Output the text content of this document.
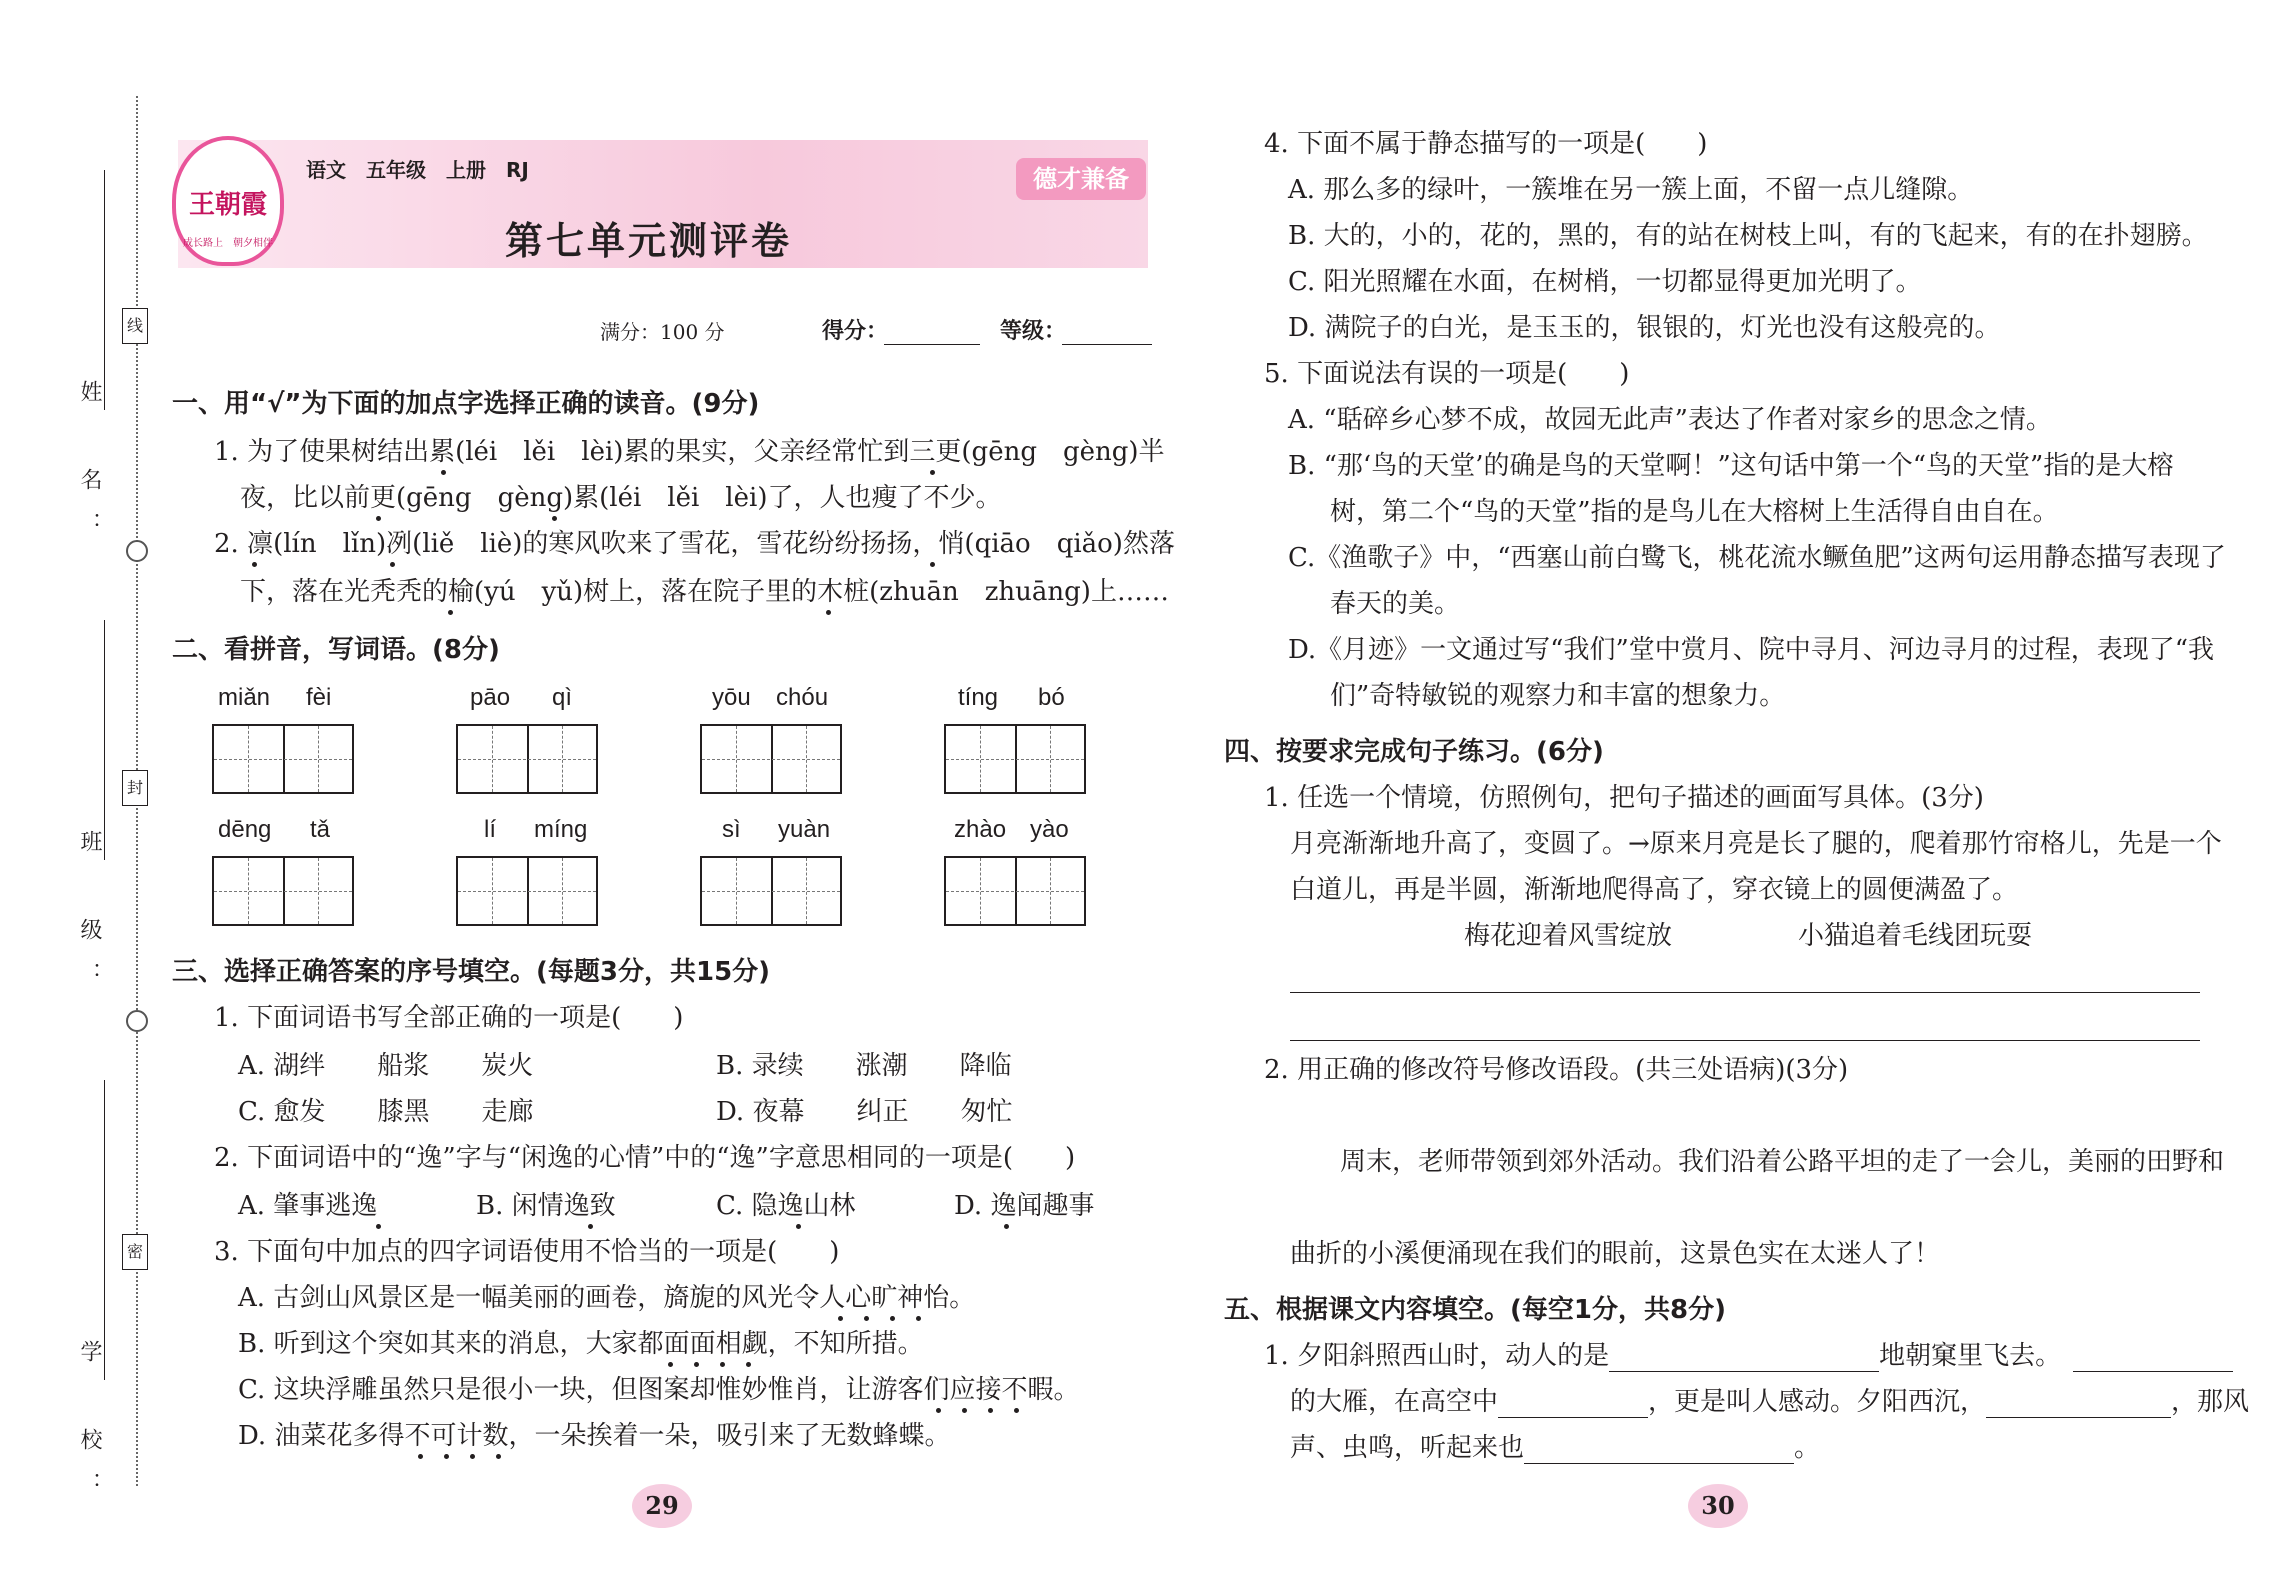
姓　名：
班　级：
学　校：
线
封
密
王朝霞
成长路上　朝夕相伴
语文　五年级　上册　RJ
第七单元测评卷
德才兼备
满分：100 分	得分：	等级：
一、用“√”为下面的加点字选择正确的读音。(9分)
1. 为了使果树结出累(léi　lěi　lèi)累的果实，父亲经常忙到三更(gēng　gèng)半
夜，比以前更(gēng　gèng)累(léi　lěi　lèi)了，人也瘦了不少。
2. 凛(lín　lǐn)冽(liě　liè)的寒风吹来了雪花，雪花纷纷扬扬，悄(qiāo　qiǎo)然落
下，落在光秃秃的榆(yú　yǔ)树上，落在院子里的木桩(zhuān　zhuāng)上……
二、看拼音，写词语。(8分)
miǎn fèi	pāo qì	yōu chóu	tíng bó
dēng tǎ	lí míng	sì yuàn	zhào yào
三、选择正确答案的序号填空。(每题3分，共15分)
1. 下面词语书写全部正确的一项是(　　)
A. 湖绊　　船浆　　炭火	B. 录续　　涨潮　　降临
C. 愈发　　膝黑　　走廊	D. 夜幕　　纠正　　匆忙
2. 下面词语中的“逸”字与“闲逸的心情”中的“逸”字意思相同的一项是(　　)
A. 肇事逃逸	B. 闲情逸致	C. 隐逸山林	D. 逸闻趣事
3. 下面句中加点的四字词语使用不恰当的一项是(　　)
A. 古剑山风景区是一幅美丽的画卷，旖旎的风光令人心旷神怡。
B. 听到这个突如其来的消息，大家都面面相觑，不知所措。
C. 这块浮雕虽然只是很小一块，但图案却惟妙惟肖，让游客们应接不暇。
D. 油菜花多得不可计数，一朵挨着一朵，吸引来了无数蜂蝶。
29
4. 下面不属于静态描写的一项是(　　)
A. 那么多的绿叶，一簇堆在另一簇上面，不留一点儿缝隙。
B. 大的，小的，花的，黑的，有的站在树枝上叫，有的飞起来，有的在扑翅膀。
C. 阳光照耀在水面，在树梢，一切都显得更加光明了。
D. 满院子的白光，是玉玉的，银银的，灯光也没有这般亮的。
5. 下面说法有误的一项是(　　)
A. “聒碎乡心梦不成，故园无此声”表达了作者对家乡的思念之情。
B. “那‘鸟的天堂’的确是鸟的天堂啊！”这句话中第一个“鸟的天堂”指的是大榕
树，第二个“鸟的天堂”指的是鸟儿在大榕树上生活得自由自在。
C.《渔歌子》中，“西塞山前白鹭飞，桃花流水鳜鱼肥”这两句运用静态描写表现了
春天的美。
D.《月迹》一文通过写“我们”堂中赏月、院中寻月、河边寻月的过程，表现了“我
们”奇特敏锐的观察力和丰富的想象力。
四、按要求完成句子练习。(6分)
1. 任选一个情境，仿照例句，把句子描述的画面写具体。(3分)
月亮渐渐地升高了，变圆了。→原来月亮是长了腿的，爬着那竹帘格儿，先是一个
白道儿，再是半圆，渐渐地爬得高了，穿衣镜上的圆便满盈了。
梅花迎着风雪绽放	小猫追着毛线团玩耍
2. 用正确的修改符号修改语段。(共三处语病)(3分)
周末，老师带领到郊外活动。我们沿着公路平坦的走了一会儿，美丽的田野和
曲折的小溪便涌现在我们的眼前，这景色实在太迷人了！
五、根据课文内容填空。(每空1分，共8分)
1. 夕阳斜照西山时，动人的是	地朝窠里飞去。
的大雁，在高空中	，更是叫人感动。夕阳西沉，	，那风
声、虫鸣，听起来也	。
30
